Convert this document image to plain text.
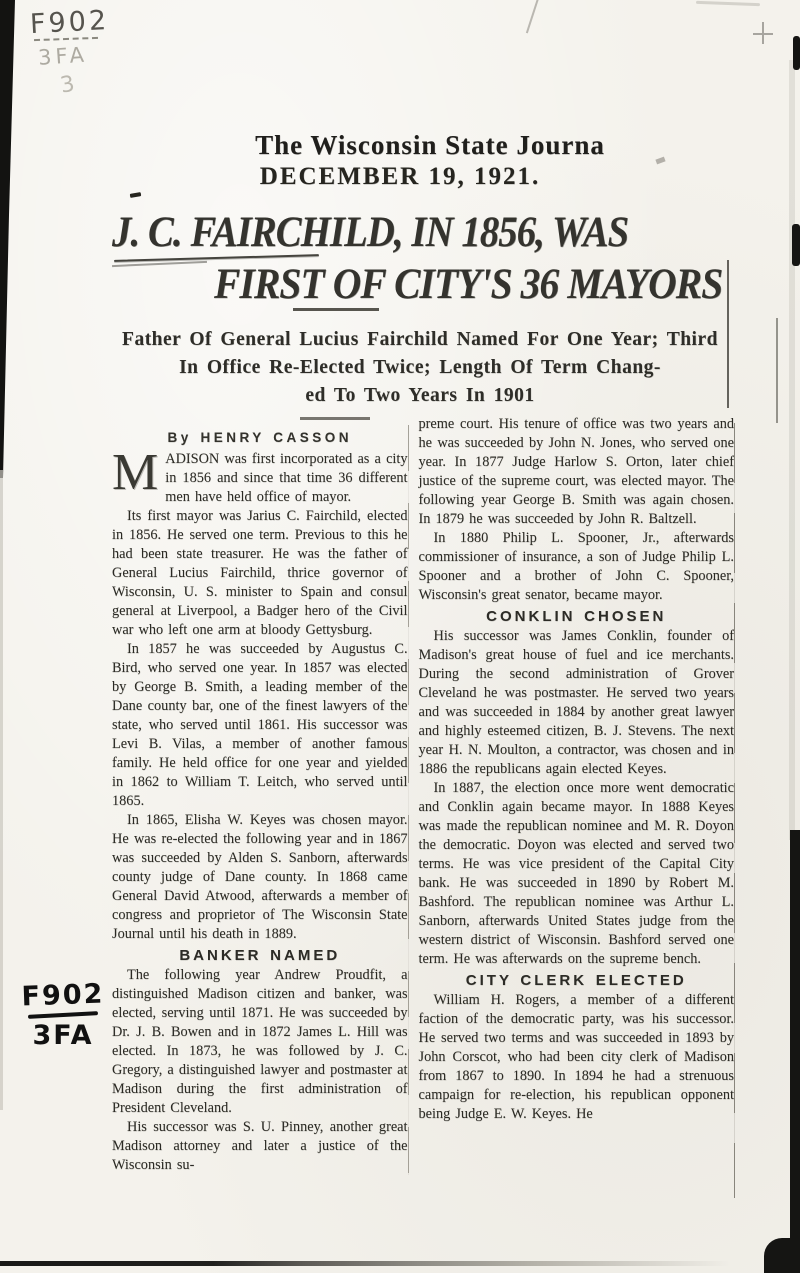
F902
3FA
3
F902
3FA
The Wisconsin State Journa
DECEMBER 19, 1921.
J. C. FAIRCHILD, IN 1856, WAS
FIRST OF CITY'S 36 MAYORS
Father Of General Lucius Fairchild Named For One Year; Third
In Office Re-Elected Twice; Length Of Term Chang-
ed To Two Years In 1901
By HENRY CASSON

MADISON was first incorporated as a city in 1856 and since that time 36 different men have held office of mayor.

Its first mayor was Jarius C. Fairchild, elected in 1856. He served one term. Previous to this he had been state treasurer. He was the father of General Lucius Fairchild, thrice governor of Wisconsin, U. S. minister to Spain and consul general at Liverpool, a Badger hero of the Civil war who left one arm at bloody Gettysburg.

In 1857 he was succeeded by Augustus C. Bird, who served one year. In 1857 was elected by George B. Smith, a leading member of the Dane county bar, one of the finest lawyers of the state, who served until 1861. His successor was Levi B. Vilas, a member of another famous family. He held office for one year and yielded in 1862 to William T. Leitch, who served until 1865.

In 1865, Elisha W. Keyes was chosen mayor. He was re-elected the following year and in 1867 was succeeded by Alden S. Sanborn, afterwards county judge of Dane county. In 1868 came General David Atwood, afterwards a member of congress and proprietor of The Wisconsin State Journal until his death in 1889.

BANKER NAMED

The following year Andrew Proudfit, a distinguished Madison citizen and banker, was elected, serving until 1871. He was succeeded by Dr. J. B. Bowen and in 1872 James L. Hill was elected. In 1873, he was followed by J. C. Gregory, a distinguished lawyer and postmaster at Madison during the first administration of President Cleveland.

His successor was S. U. Pinney, another great Madison attorney and later a justice of the Wisconsin su-

preme court. His tenure of office was two years and he was succeeded by John N. Jones, who served one year. In 1877 Judge Harlow S. Orton, later chief justice of the supreme court, was elected mayor. The following year George B. Smith was again chosen. In 1879 he was succeeded by John R. Baltzell.

In 1880 Philip L. Spooner, Jr., afterwards commissioner of insurance, a son of Judge Philip L. Spooner and a brother of John C. Spooner, Wisconsin's great senator, became mayor.

CONKLIN CHOSEN

His successor was James Conklin, founder of Madison's great house of fuel and ice merchants. During the second administration of Grover Cleveland he was postmaster. He served two years and was succeeded in 1884 by another great lawyer and highly esteemed citizen, B. J. Stevens. The next year H. N. Moulton, a contractor, was chosen and in 1886 the republicans again elected Keyes.

In 1887, the election once more went democratic and Conklin again became mayor. In 1888 Keyes was made the republican nominee and M. R. Doyon the democratic. Doyon was elected and served two terms. He was vice president of the Capital City bank. He was succeeded in 1890 by Robert M. Bashford. The republican nominee was Arthur L. Sanborn, afterwards United States judge from the western district of Wisconsin. Bashford served one term. He was afterwards on the supreme bench.

CITY CLERK ELECTED

William H. Rogers, a member of a different faction of the democratic party, was his successor. He served two terms and was succeeded in 1893 by John Corscot, who had been city clerk of Madison from 1867 to 1890. In 1894 he had a strenuous campaign for re-election, his republican opponent being Judge E. W. Keyes. He
